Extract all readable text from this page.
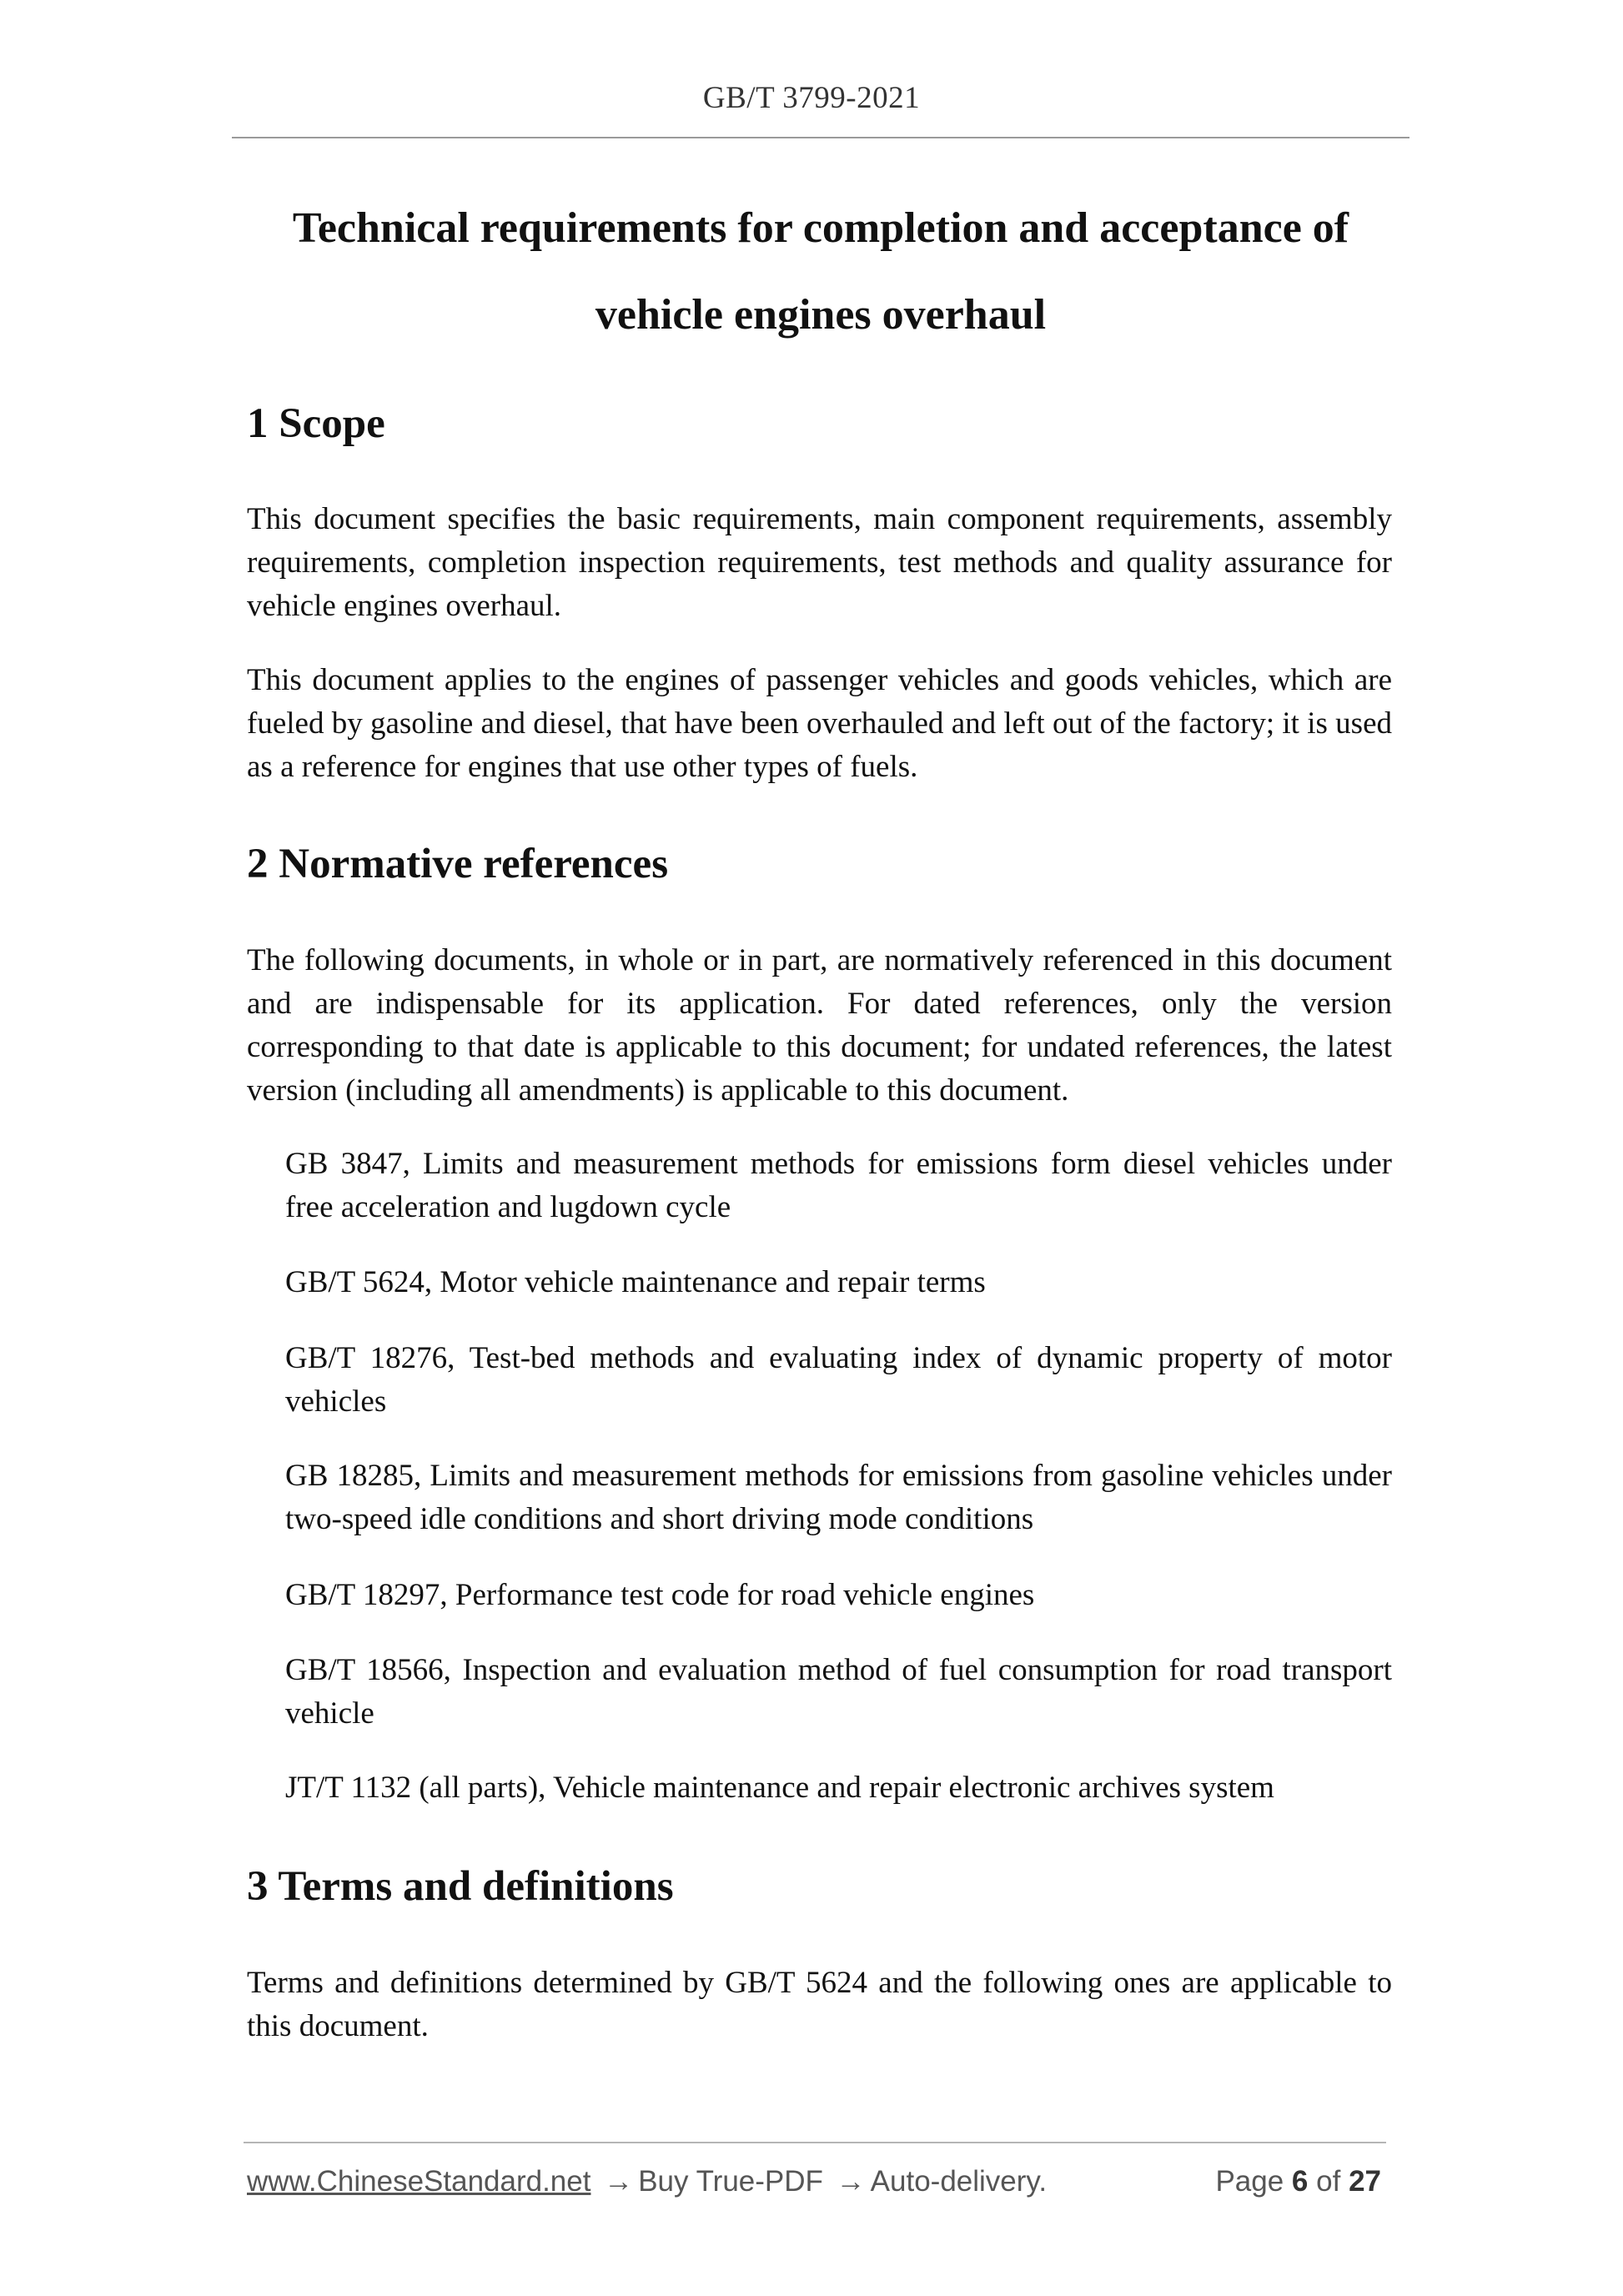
GB/T 3799-2021
Technical requirements for completion and acceptance of
vehicle engines overhaul
1 Scope

This document specifies the basic requirements, main component requirements, assembly requirements, completion inspection requirements, test methods and quality assurance for vehicle engines overhaul.

This document applies to the engines of passenger vehicles and goods vehicles, which are fueled by gasoline and diesel, that have been overhauled and left out of the factory; it is used as a reference for engines that use other types of fuels.

2 Normative references

The following documents, in whole or in part, are normatively referenced in this document and are indispensable for its application. For dated references, only the version corresponding to that date is applicable to this document; for undated references, the latest version (including all amendments) is applicable to this document.

GB 3847, Limits and measurement methods for emissions form diesel vehicles under free acceleration and lugdown cycle

GB/T 5624, Motor vehicle maintenance and repair terms

GB/T 18276, Test-bed methods and evaluating index of dynamic property of motor vehicles

GB 18285, Limits and measurement methods for emissions from gasoline vehicles under two-speed idle conditions and short driving mode conditions

GB/T 18297, Performance test code for road vehicle engines

GB/T 18566, Inspection and evaluation method of fuel consumption for road transport vehicle

JT/T 1132 (all parts), Vehicle maintenance and repair electronic archives system

3 Terms and definitions

Terms and definitions determined by GB/T 5624 and the following ones are applicable to this document.

www.ChineseStandard.net → Buy True-PDF → Auto-delivery.	Page 6 of 27
